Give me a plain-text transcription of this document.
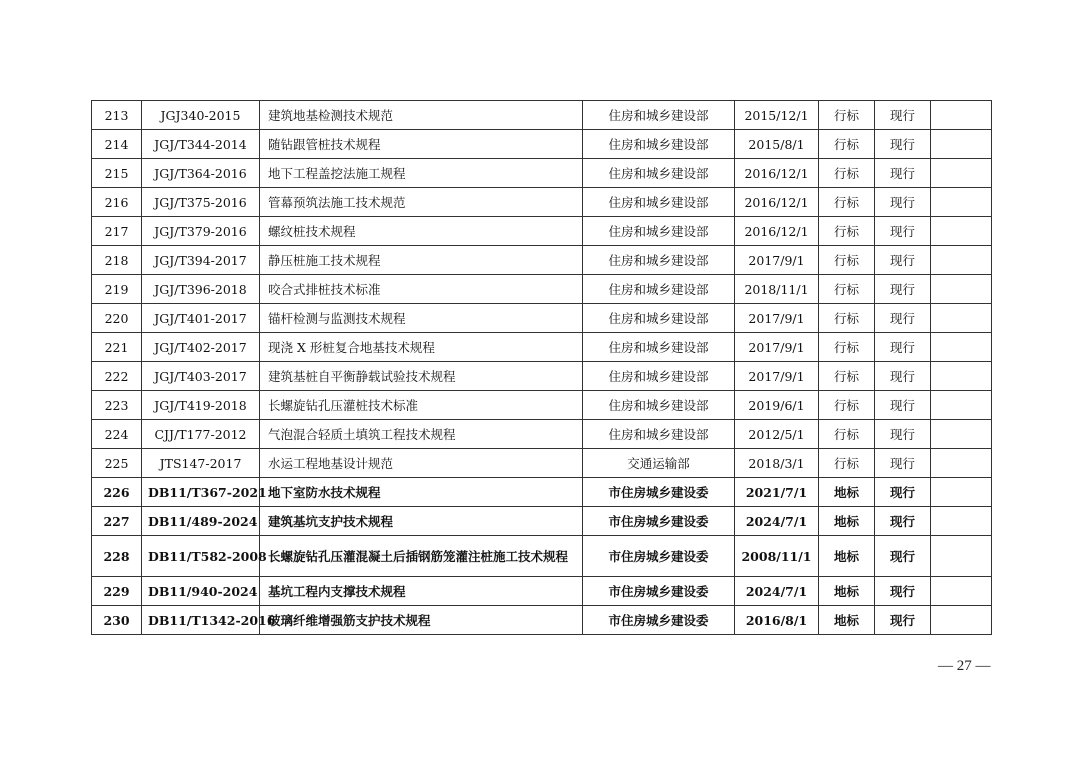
213	JGJ340-2015	建筑地基检测技术规范	住房和城乡建设部	2015/12/1	行标	现行	
214	JGJ/T344-2014	随钻跟管桩技术规程	住房和城乡建设部	2015/8/1	行标	现行	
215	JGJ/T364-2016	地下工程盖挖法施工规程	住房和城乡建设部	2016/12/1	行标	现行	
216	JGJ/T375-2016	管幕预筑法施工技术规范	住房和城乡建设部	2016/12/1	行标	现行	
217	JGJ/T379-2016	螺纹桩技术规程	住房和城乡建设部	2016/12/1	行标	现行	
218	JGJ/T394-2017	静压桩施工技术规程	住房和城乡建设部	2017/9/1	行标	现行	
219	JGJ/T396-2018	咬合式排桩技术标准	住房和城乡建设部	2018/11/1	行标	现行	
220	JGJ/T401-2017	锚杆检测与监测技术规程	住房和城乡建设部	2017/9/1	行标	现行	
221	JGJ/T402-2017	现浇 X 形桩复合地基技术规程	住房和城乡建设部	2017/9/1	行标	现行	
222	JGJ/T403-2017	建筑基桩自平衡静载试验技术规程	住房和城乡建设部	2017/9/1	行标	现行	
223	JGJ/T419-2018	长螺旋钻孔压灌桩技术标准	住房和城乡建设部	2019/6/1	行标	现行	
224	CJJ/T177-2012	气泡混合轻质土填筑工程技术规程	住房和城乡建设部	2012/5/1	行标	现行	
225	JTS147-2017	水运工程地基设计规范	交通运输部	2018/3/1	行标	现行	
226	DB11/T367-2021	地下室防水技术规程	市住房城乡建设委	2021/7/1	地标	现行	
227	DB11/489-2024	建筑基坑支护技术规程	市住房城乡建设委	2024/7/1	地标	现行	
228	DB11/T582-2008	长螺旋钻孔压灌混凝土后插钢筋笼灌注桩施工技术规程	市住房城乡建设委	2008/11/1	地标	现行	
229	DB11/940-2024	基坑工程内支撑技术规程	市住房城乡建设委	2024/7/1	地标	现行	
230	DB11/T1342-2016	玻璃纤维增强筋支护技术规程	市住房城乡建设委	2016/8/1	地标	现行	
— 27 —
